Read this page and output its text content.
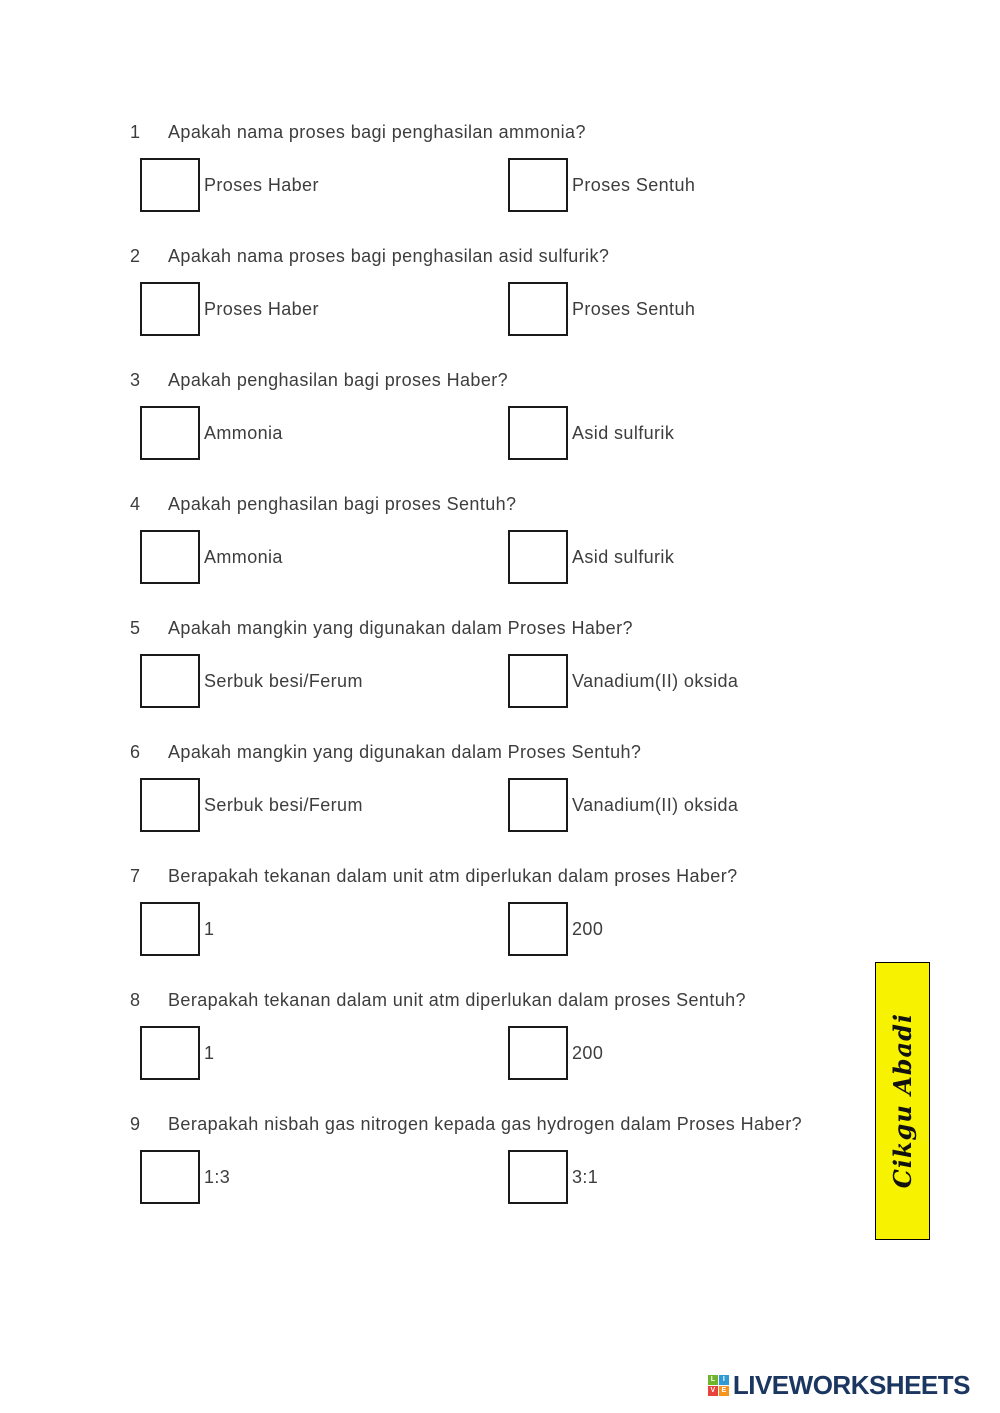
1	Apakah nama proses bagi penghasilan ammonia?
Proses Haber	Proses Sentuh
2	Apakah nama proses bagi penghasilan asid sulfurik?
Proses Haber	Proses Sentuh
3	Apakah penghasilan bagi proses Haber?
Ammonia	Asid sulfurik
4	Apakah penghasilan bagi proses Sentuh?
Ammonia	Asid sulfurik
5	Apakah mangkin yang digunakan dalam Proses Haber?
Serbuk besi/Ferum	Vanadium(II) oksida
6	Apakah mangkin yang digunakan dalam Proses Sentuh?
Serbuk besi/Ferum	Vanadium(II) oksida
7	Berapakah tekanan dalam unit atm diperlukan dalam proses Haber?
1	200
8	Berapakah tekanan dalam unit atm diperlukan dalam proses Sentuh?
1	200
9	Berapakah nisbah gas nitrogen kepada gas hydrogen dalam Proses Haber?
1:3	3:1	Cikgu Abadi
L	I
V E LIVEWORKSHEETS
